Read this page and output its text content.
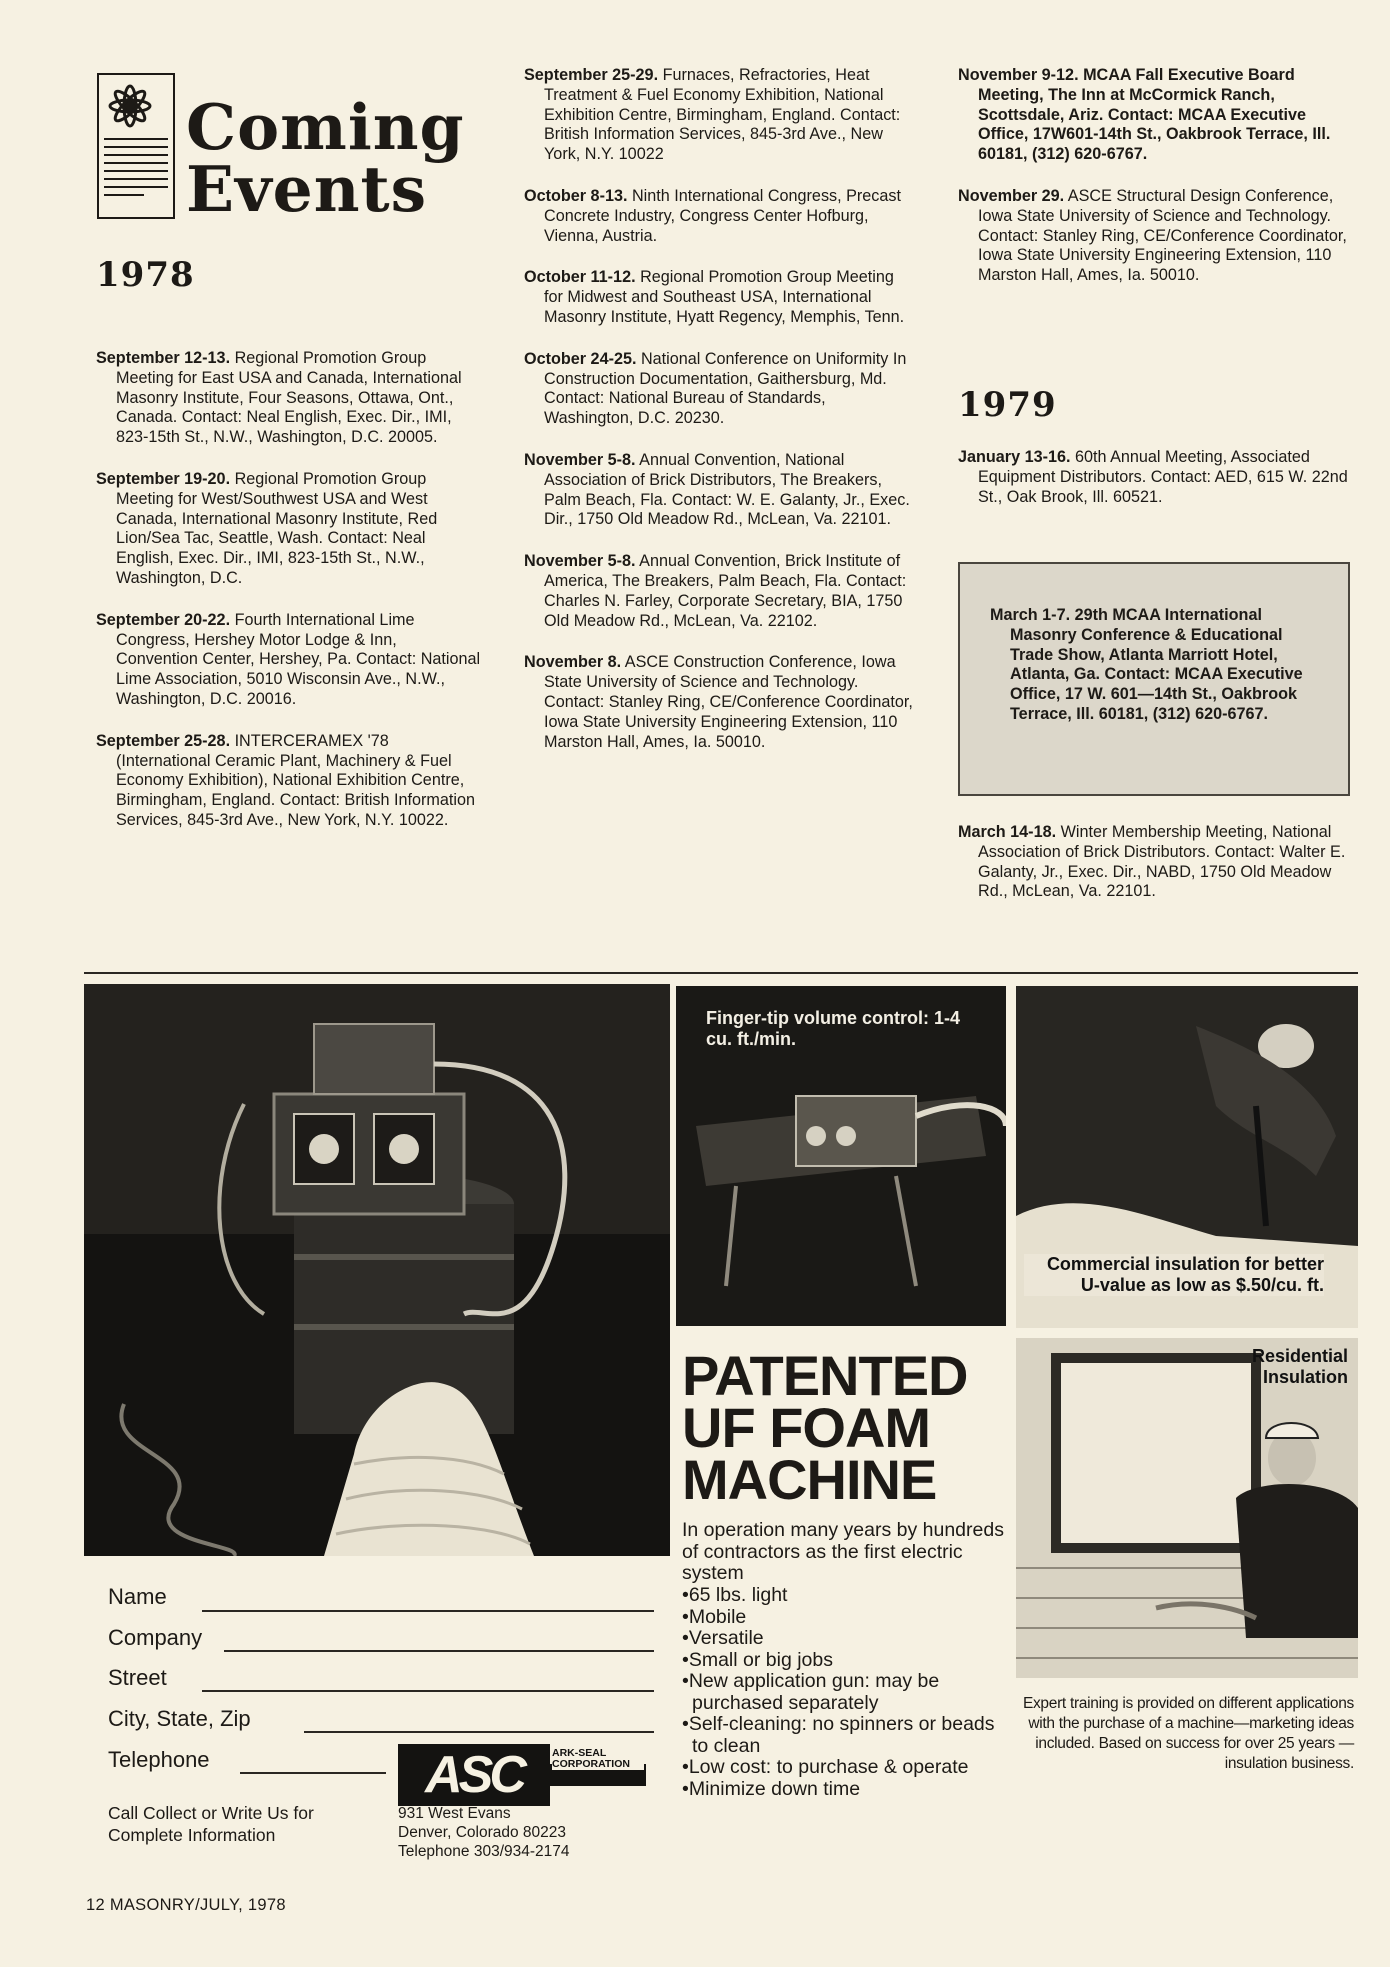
Coming
Events
1978
September 12-13. Regional Promotion Group Meeting for East USA and Canada, International Masonry Institute, Four Seasons, Ottawa, Ont., Canada. Contact: Neal English, Exec. Dir., IMI, 823-15th St., N.W., Washington, D.C. 20005.
September 19-20. Regional Promotion Group Meeting for West/Southwest USA and West Canada, International Masonry Institute, Red Lion/Sea Tac, Seattle, Wash. Contact: Neal English, Exec. Dir., IMI, 823-15th St., N.W., Washington, D.C.
September 20-22. Fourth International Lime Congress, Hershey Motor Lodge & Inn, Convention Center, Hershey, Pa. Contact: National Lime Association, 5010 Wisconsin Ave., N.W., Washington, D.C. 20016.
September 25-28. INTERCERAMEX '78 (International Ceramic Plant, Machinery & Fuel Economy Exhibition), National Exhibition Centre, Birmingham, England. Contact: British Information Services, 845-3rd Ave., New York, N.Y. 10022.
September 25-29. Furnaces, Refractories, Heat Treatment & Fuel Economy Exhibition, National Exhibition Centre, Birmingham, England. Contact: British Information Services, 845-3rd Ave., New York, N.Y. 10022
October 8-13. Ninth International Congress, Precast Concrete Industry, Congress Center Hofburg, Vienna, Austria.
October 11-12. Regional Promotion Group Meeting for Midwest and Southeast USA, International Masonry Institute, Hyatt Regency, Memphis, Tenn.
October 24-25. National Conference on Uniformity In Construction Documentation, Gaithersburg, Md. Contact: National Bureau of Standards, Washington, D.C. 20230.
November 5-8. Annual Convention, National Association of Brick Distributors, The Breakers, Palm Beach, Fla. Contact: W. E. Galanty, Jr., Exec. Dir., 1750 Old Meadow Rd., McLean, Va. 22101.
November 5-8. Annual Convention, Brick Institute of America, The Breakers, Palm Beach, Fla. Contact: Charles N. Farley, Corporate Secretary, BIA, 1750 Old Meadow Rd., McLean, Va. 22102.
November 8. ASCE Construction Conference, Iowa State University of Science and Technology. Contact: Stanley Ring, CE/Conference Coordinator, Iowa State University Engineering Extension, 110 Marston Hall, Ames, Ia. 50010.
November 9-12. MCAA Fall Executive Board Meeting, The Inn at McCormick Ranch, Scottsdale, Ariz. Contact: MCAA Executive Office, 17W601-14th St., Oakbrook Terrace, Ill. 60181, (312) 620-6767.
November 29. ASCE Structural Design Conference, Iowa State University of Science and Technology. Contact: Stanley Ring, CE/Conference Coordinator, Iowa State University Engineering Extension, 110 Marston Hall, Ames, Ia. 50010.
1979
January 13-16. 60th Annual Meeting, Associated Equipment Distributors. Contact: AED, 615 W. 22nd St., Oak Brook, Ill. 60521.
March 1-7. 29th MCAA International Masonry Conference & Educational Trade Show, Atlanta Marriott Hotel, Atlanta, Ga. Contact: MCAA Executive Office, 17 W. 601—14th St., Oakbrook Terrace, Ill. 60181, (312) 620-6767.
March 14-18. Winter Membership Meeting, National Association of Brick Distributors. Contact: Walter E. Galanty, Jr., Exec. Dir., NABD, 1750 Old Meadow Rd., McLean, Va. 22101.
Finger-tip volume control: 1-4 cu. ft./min.
Commercial insulation for better U-value as low as $.50/cu. ft.
Residential Insulation
PATENTED
UF FOAM
MACHINE
In operation many years by hundreds of contractors as the first electric system
•65 lbs. light
•Mobile
•Versatile
•Small or big jobs
•New application gun: may be purchased separately
•Self-cleaning: no spinners or beads to clean
•Low cost: to purchase & operate
•Minimize down time
Expert training is provided on different applications with the purchase of a machine—marketing ideas included. Based on success for over 25 years —insulation business.
Name
Company
Street
City, State, Zip
Telephone
Call Collect or Write Us for Complete Information
ASC	ARK-SEAL CORPORATION
931 West Evans
Denver, Colorado 80223
Telephone 303/934-2174
12 MASONRY/JULY, 1978
